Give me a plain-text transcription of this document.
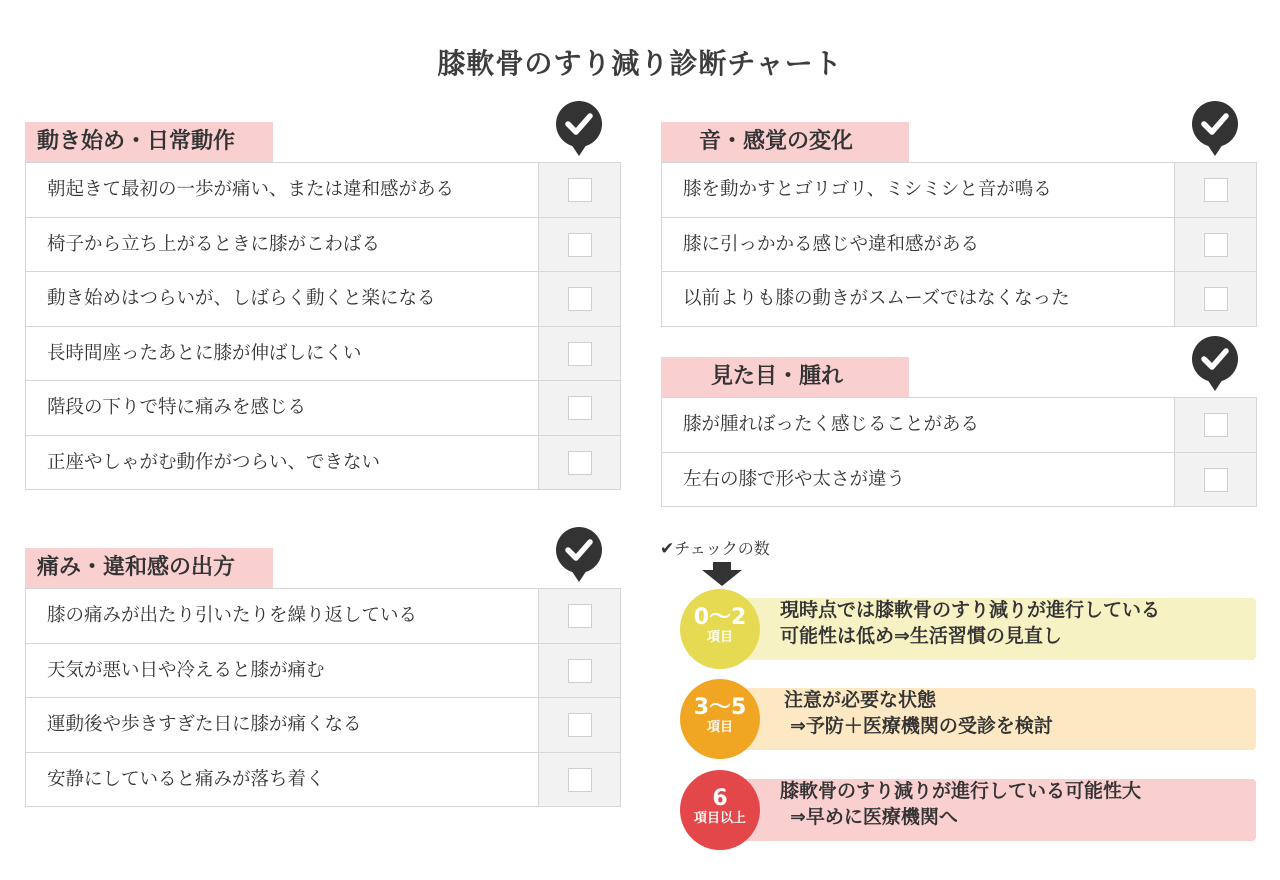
膝軟骨のすり減り診断チャート
動き始め・日常動作
朝起きて最初の一歩が痛い、または違和感がある
椅子から立ち上がるときに膝がこわばる
動き始めはつらいが、しばらく動くと楽になる
長時間座ったあとに膝が伸ばしにくい
階段の下りで特に痛みを感じる
正座やしゃがむ動作がつらい、できない
痛み・違和感の出方
膝の痛みが出たり引いたりを繰り返している
天気が悪い日や冷えると膝が痛む
運動後や歩きすぎた日に膝が痛くなる
安静にしていると痛みが落ち着く
音・感覚の変化
膝を動かすとゴリゴリ、ミシミシと音が鳴る
膝に引っかかる感じや違和感がある
以前よりも膝の動きがスムーズではなくなった
見た目・腫れ
膝が腫れぼったく感じることがある
左右の膝で形や太さが違う
✔チェックの数
0〜2
項目
現時点では膝軟骨のすり減りが進行している
可能性は低め⇒生活習慣の見直し
3〜5
項目
注意が必要な状態
⇒予防＋医療機関の受診を検討
6
項目以上
膝軟骨のすり減りが進行している可能性大
⇒早めに医療機関へ
